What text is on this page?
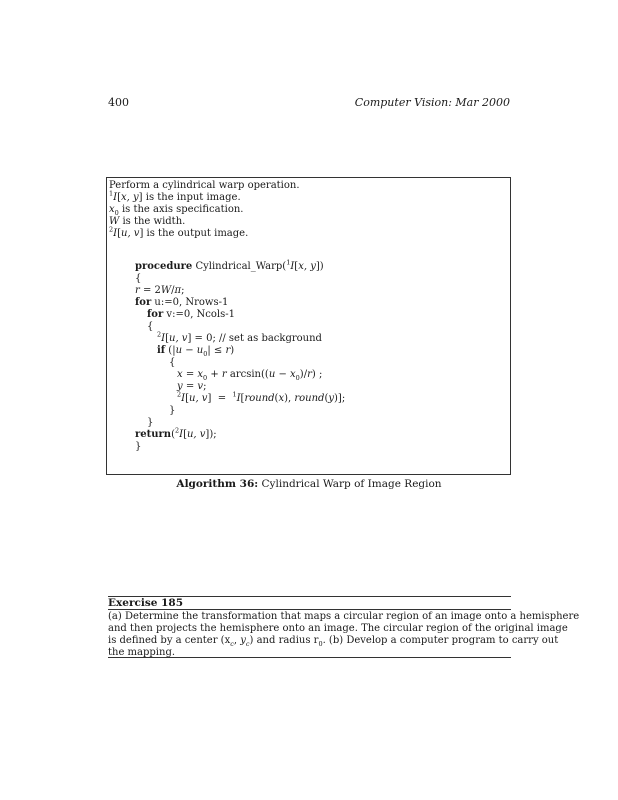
400	Computer Vision: Mar 2000
Perform a cylindrical warp operation.
$^1$I[x, y] is the input image.
$x_0$ is the axis specification.
W is the width.
$^2$I[u, v] is the output image.
procedure Cylindrical_Warp($^1$I[x, y])
{
r = 2W/π;
for u:=0, Nrows-1
for v:=0, Ncols-1
{
$^2$I[u, v] = 0; // set as background
if $(|u - u_0| \le r)$
{
$x = x_0 + r$ $\arcsin((u - x_0)/r)$ ;
y = v;
$^2$I[u, v]  =  $^1$I[round(x), round(y)];
}
}
return($^2$I[u, v]);
}
Algorithm 36: Cylindrical Warp of Image Region
Exercise 185
(a) Determine the transformation that maps a circular region of an image onto a hemisphere
and then projects the hemisphere onto an image. The circular region of the original image
is defined by a center ($x_c$, $y_c$) and radius $r_0$. (b) Develop a computer program to carry out
the mapping.
